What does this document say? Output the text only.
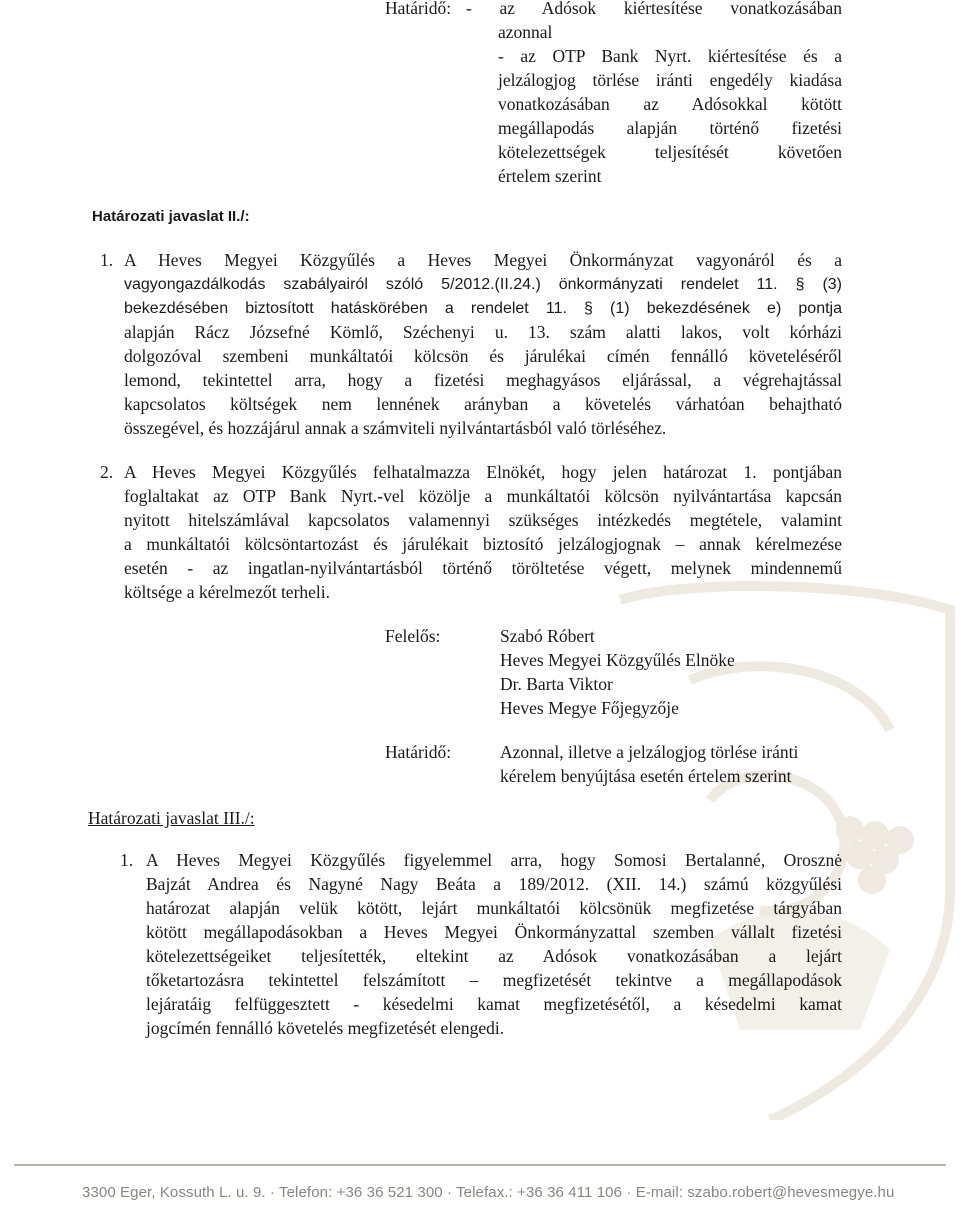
Határidő: - az Adósok kiértesítése vonatkozásában
azonnal
- az OTP Bank Nyrt. kiértesítése és a
jelzálogjog törlése iránti engedély kiadása
vonatkozásában az Adósokkal kötött
megállapodás alapján történő fizetési
kötelezettségek teljesítését követően
értelem szerint
Határozati javaslat II./:
1. A Heves Megyei Közgyűlés a Heves Megyei Önkormányzat vagyonáról és a
vagyongazdálkodás szabályairól szóló 5/2012.(II.24.) önkormányzati rendelet 11. § (3)
bekezdésében biztosított hatáskörében a rendelet 11. § (1) bekezdésének e) pontja
alapján Rácz Józsefné Kömlő, Széchenyi u. 13. szám alatti lakos, volt kórházi
dolgozóval szembeni munkáltatói kölcsön és járulékai címén fennálló követeléséről
lemond, tekintettel arra, hogy a fizetési meghagyásos eljárással, a végrehajtással
kapcsolatos költségek nem lennének arányban a követelés várhatóan behajtható
összegével, és hozzájárul annak a számviteli nyilvántartásból való törléséhez.
2. A Heves Megyei Közgyűlés felhatalmazza Elnökét, hogy jelen határozat 1. pontjában
foglaltakat az OTP Bank Nyrt.-vel közölje a munkáltatói kölcsön nyilvántartása kapcsán
nyitott hitelszámlával kapcsolatos valamennyi szükséges intézkedés megtétele, valamint
a munkáltatói kölcsöntartozást és járulékait biztosító jelzálogjognak – annak kérelmezése
esetén - az ingatlan-nyilvántartásból történő töröltetése végett, melynek mindennemű
költsége a kérelmezőt terheli.
Felelős:	Szabó Róbert
Heves Megyei Közgyűlés Elnöke
Dr. Barta Viktor
Heves Megye Főjegyzője
Határidő:	Azonnal, illetve a jelzálogjog törlése iránti
kérelem benyújtása esetén értelem szerint
Határozati javaslat III./:
1. A Heves Megyei Közgyűlés figyelemmel arra, hogy Somosi Bertalanné, Orosznė
Bajzát Andrea és Nagyné Nagy Beáta a 189/2012. (XII. 14.) számú közgyűlési
határozat alapján velük kötött, lejárt munkáltatói kölcsönük megfizetése tárgyában
kötött megállapodásokban a Heves Megyei Önkormányzattal szemben vállalt fizetési
kötelezettségeiket teljesítették, eltekint az Adósok vonatkozásában a lejárt
tőketartozásra tekintettel felszámított – megfizetését tekintve a megállapodások
lejáratáig felfüggesztett - késedelmi kamat megfizetésétől, a késedelmi kamat
jogcímén fennálló követelés megfizetését elengedi.
3300 Eger, Kossuth L. u. 9. · Telefon: +36 36 521 300 · Telefax.: +36 36 411 106 · E-mail: szabo.robert@hevesmegye.hu
